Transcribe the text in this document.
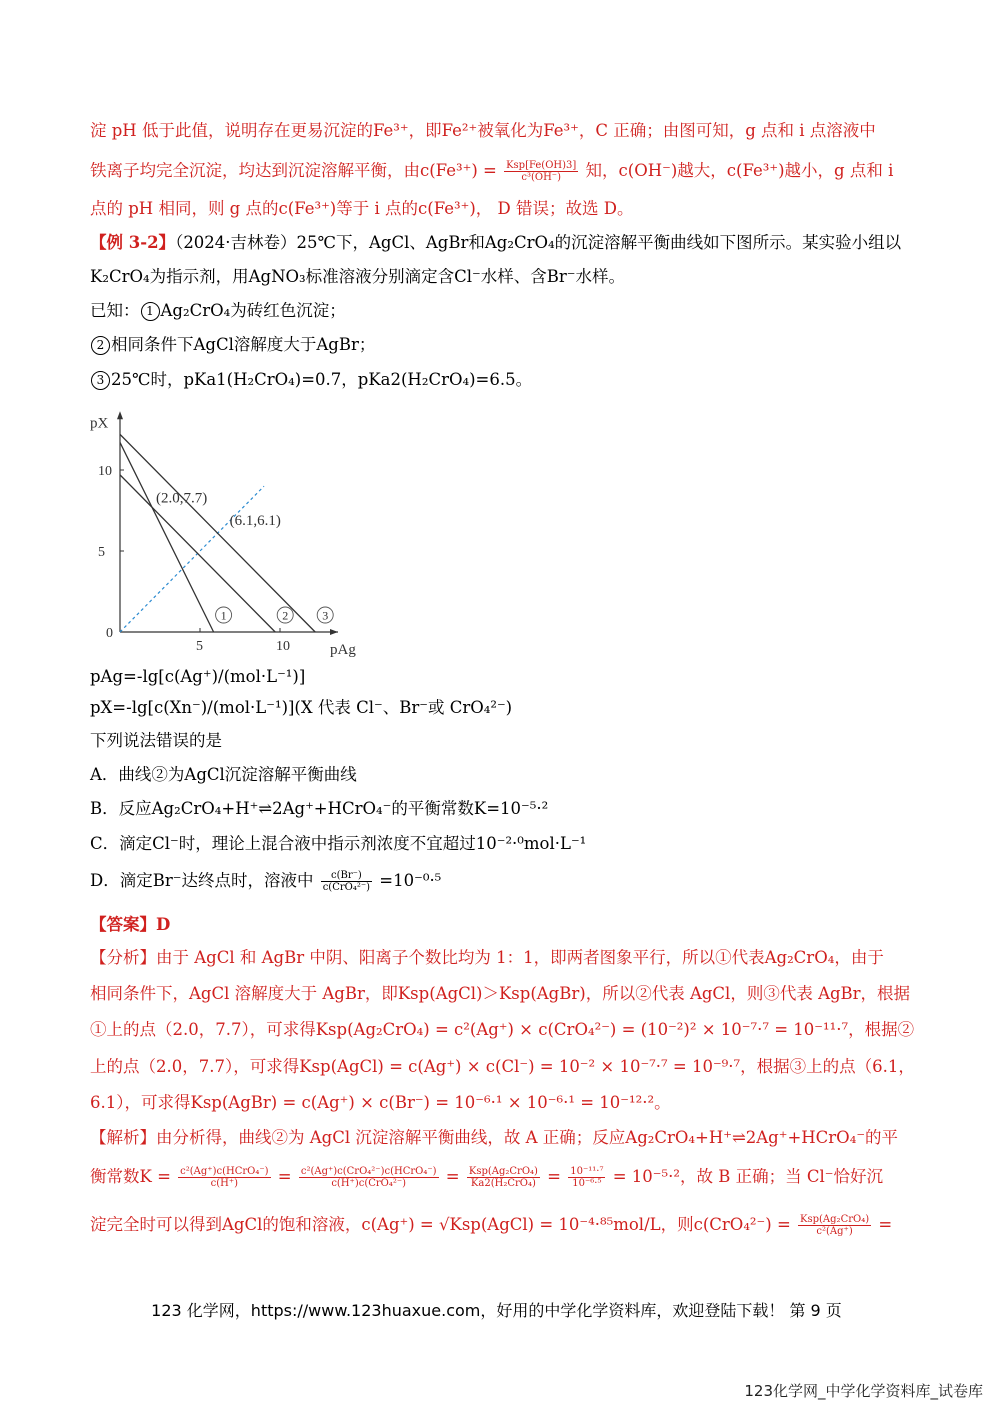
淀 pH 低于此值，说明存在更易沉淀的Fe³⁺，即Fe²⁺被氧化为Fe³⁺，C 正确；由图可知，g 点和 i 点溶液中
铁离子均完全沉淀，均达到沉淀溶解平衡，由$c(Fe^{3+}) = \frac{\text{Ksp[Fe(OH)3]}}{\text{c³(OH⁻)}}$ 知，c(OH⁻)越大，c(Fe³⁺)越小，g 点和 i
点的 pH 相同，则 g 点的c(Fe³⁺)等于 i 点的c(Fe³⁺)， D 错误；故选 D。
【例 3-2】（2024·吉林卷）25℃下，AgCl、AgBr和Ag₂CrO₄的沉淀溶解平衡曲线如下图所示。某实验小组以
K₂CrO₄为指示剂，用AgNO₃标准溶液分别滴定含Cl⁻水样、含Br⁻水样。
已知： 1 Ag₂CrO₄为砖红色沉淀；
2 相同条件下AgCl溶解度大于AgBr；
3 25℃时，pKa1(H₂CrO₄)=0.7，pKa2(H₂CrO₄)=6.5。
pX
pAg
0
5	10
5
10
1	2	3
(2.0,7.7)
(6.1,6.1)
pAg=-lg[c(Ag⁺)/(mol·L⁻¹)]
pX=-lg[c(Xn⁻)/(mol·L⁻¹)](X 代表 Cl⁻、Br⁻或 CrO₄²⁻)
下列说法错误的是
A．曲线②为AgCl沉淀溶解平衡曲线
B．反应Ag₂CrO₄+H⁺⇌2Ag⁺+HCrO₄⁻的平衡常数K=10⁻⁵·²
C．滴定Cl⁻时，理论上混合液中指示剂浓度不宜超过10⁻²·⁰mol·L⁻¹
D．滴定Br⁻达终点时，溶液中 $\frac{c(Br^-)}{\text{c(CrO₄²⁻)}} =10^{-0}\cdot^5$
【答案】D
【分析】由于 AgCl 和 AgBr 中阴、阳离子个数比均为 1：1，即两者图象平行，所以①代表Ag₂CrO₄，由于
相同条件下，AgCl 溶解度大于 AgBr，即Ksp(AgCl)＞Ksp(AgBr)，所以②代表 AgCl，则③代表 AgBr，根据
①上的点（2.0，7.7），可求得Ksp(Ag₂CrO₄) = c²(Ag⁺) × c(CrO₄²⁻) = (10⁻²)² × 10⁻⁷·⁷ = 10⁻¹¹·⁷，根据②
上的点（2.0，7.7），可求得Ksp(AgCl) = c(Ag⁺) × c(Cl⁻) = 10⁻² × 10⁻⁷·⁷ = 10⁻⁹·⁷，根据③上的点（6.1，
6.1），可求得Ksp(AgBr) = c(Ag⁺) × c(Br⁻) = 10⁻⁶·¹ × 10⁻⁶·¹ = 10⁻¹²·²。
【解析】由分析得，曲线②为 AgCl 沉淀溶解平衡曲线，故 A 正确；反应Ag₂CrO₄+H⁺⇌2Ag⁺+HCrO₄⁻的平
衡常数$K = \frac{\text{c²(Ag⁺)c(HCrO₄⁻)}}{c(H^+)} = \frac{\text{c²(Ag⁺)c(CrO₄²⁻)c(HCrO₄⁻)}}{\text{c(H⁺)c(CrO₄²⁻)}} = \frac{\text{Ksp(Ag₂CrO₄)}}{\text{Ka2(H₂CrO₄)}} = \frac{\text{10⁻¹¹·⁷}}{\text{10⁻⁶·⁵}} = 10^{-5}\cdot^2$，故 B 正确；当 Cl⁻恰好沉
淀完全时可以得到AgCl的饱和溶液，c(Ag⁺) = √Ksp(AgCl) = 10⁻⁴·⁸⁵mol/L，则$c(CrO_4^{2-}) = \frac{\text{Ksp(Ag₂CrO₄)}}{\text{c²(Ag⁺)}}$ =
123 化学网，https://www.123huaxue.com，好用的中学化学资料库，欢迎登陆下载！ 第 9 页
123化学网_中学化学资料库_试卷库
